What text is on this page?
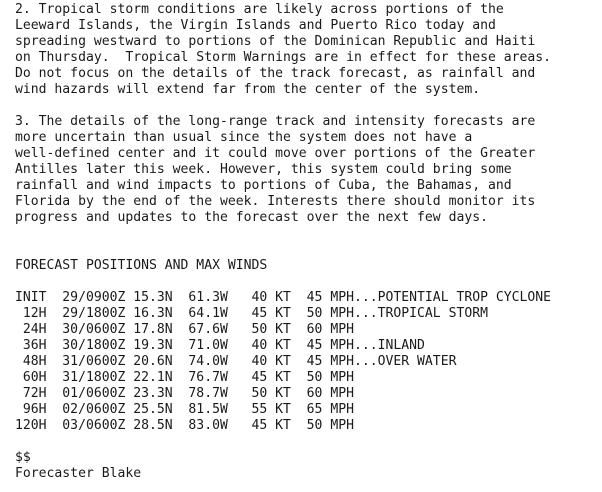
2. Tropical storm conditions are likely across portions of the
Leeward Islands, the Virgin Islands and Puerto Rico today and
spreading westward to portions of the Dominican Republic and Haiti
on Thursday.  Tropical Storm Warnings are in effect for these areas.
Do not focus on the details of the track forecast, as rainfall and
wind hazards will extend far from the center of the system.
3. The details of the long-range track and intensity forecasts are
more uncertain than usual since the system does not have a
well-defined center and it could move over portions of the Greater
Antilles later this week. However, this system could bring some
rainfall and wind impacts to portions of Cuba, the Bahamas, and
Florida by the end of the week. Interests there should monitor its
progress and updates to the forecast over the next few days.
FORECAST POSITIONS AND MAX WINDS
INIT  29/0900Z 15.3N  61.3W   40 KT  45 MPH...POTENTIAL TROP CYCLONE
12H  29/1800Z 16.3N  64.1W   45 KT  50 MPH...TROPICAL STORM
24H  30/0600Z 17.8N  67.6W   50 KT  60 MPH
36H  30/1800Z 19.3N  71.0W   40 KT  45 MPH...INLAND
48H  31/0600Z 20.6N  74.0W   40 KT  45 MPH...OVER WATER
60H  31/1800Z 22.1N  76.7W   45 KT  50 MPH
72H  01/0600Z 23.3N  78.7W   50 KT  60 MPH
96H  02/0600Z 25.5N  81.5W   55 KT  65 MPH
120H  03/0600Z 28.5N  83.0W   45 KT  50 MPH
$$
Forecaster Blake
